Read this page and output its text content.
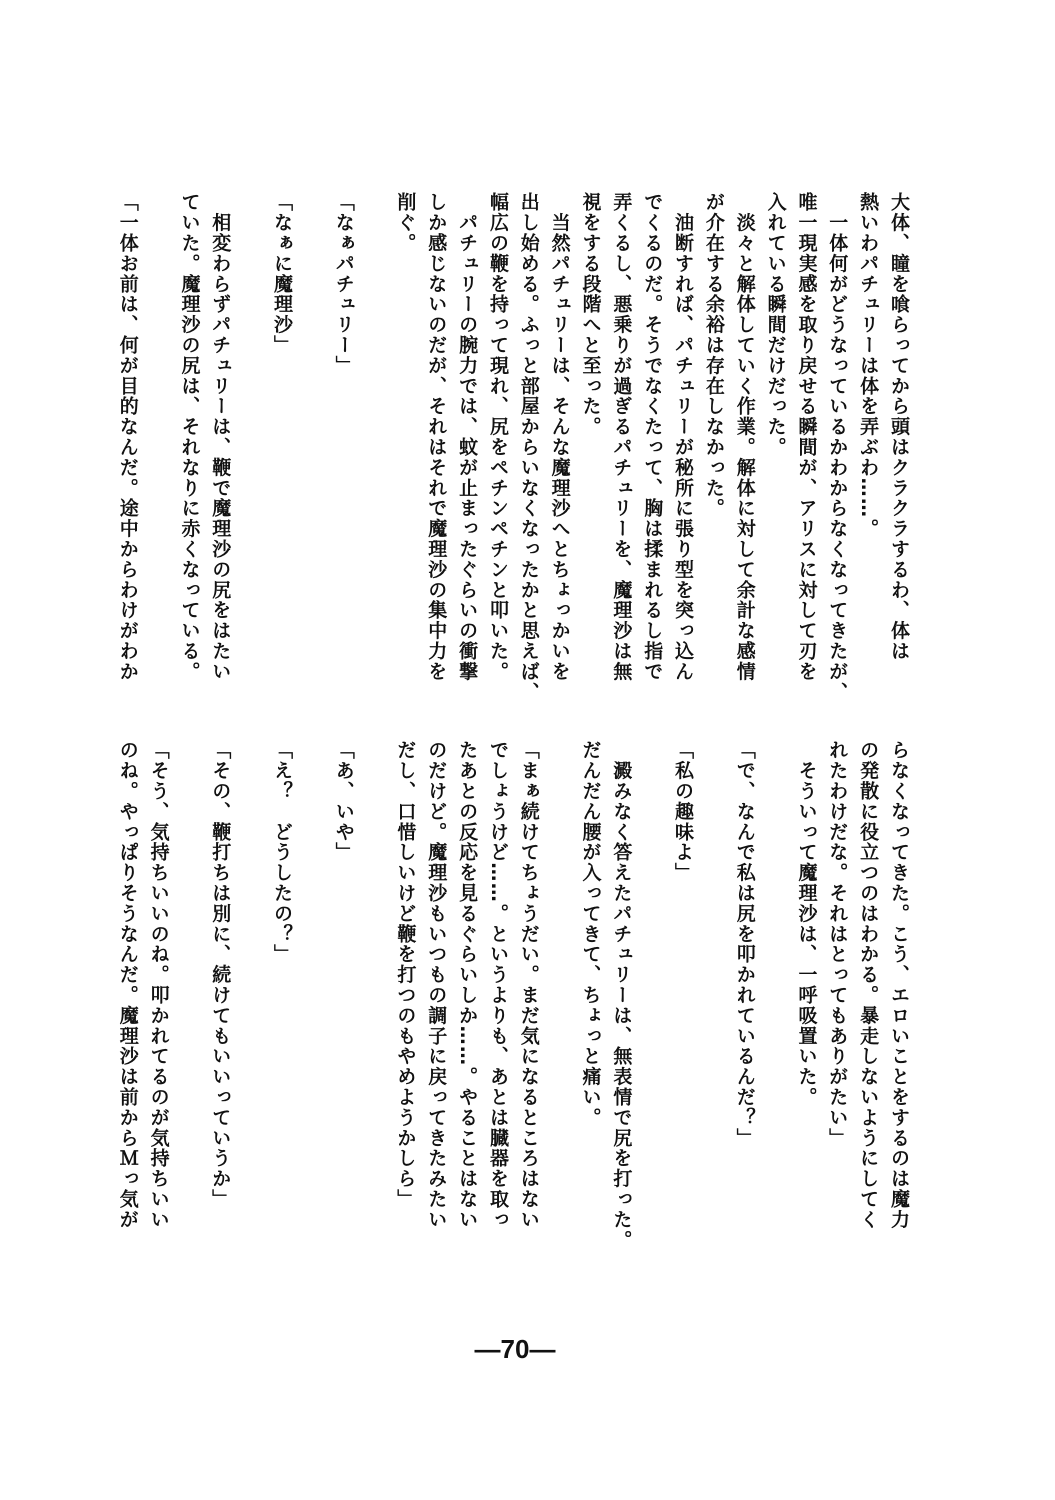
大体、瞳を喰らってから頭はクラクラするわ、体は
熱いわパチュリーは体を弄ぶわ……。
　一体何がどうなっているかわからなくなってきたが、
唯一現実感を取り戻せる瞬間が、アリスに対して刃を
入れている瞬間だけだった。
　淡々と解体していく作業。解体に対して余計な感情
が介在する余裕は存在しなかった。
　油断すれば、パチュリーが秘所に張り型を突っ込ん
でくるのだ。そうでなくたって、胸は揉まれるし指で
弄くるし、悪乗りが過ぎるパチュリーを、魔理沙は無
視をする段階へと至った。
　当然パチュリーは、そんな魔理沙へとちょっかいを
出し始める。ふっと部屋からいなくなったかと思えば、
幅広の鞭を持って現れ、尻をペチンペチンと叩いた。
　パチュリーの腕力では、蚊が止まったぐらいの衝撃
しか感じないのだが、それはそれで魔理沙の集中力を
削ぐ。
「なぁパチュリー」
「なぁに魔理沙」
　相変わらずパチュリーは、鞭で魔理沙の尻をはたい
ていた。魔理沙の尻は、それなりに赤くなっている。
「一体お前は、何が目的なんだ。途中からわけがわか
らなくなってきた。こう、エロいことをするのは魔力
の発散に役立つのはわかる。暴走しないようにしてく
れたわけだな。それはとってもありがたい」
　そういって魔理沙は、一呼吸置いた。
「で、なんで私は尻を叩かれているんだ？」
「私の趣味よ」
　澱みなく答えたパチュリーは、無表情で尻を打った。
だんだん腰が入ってきて、ちょっと痛い。
「まぁ続けてちょうだい。まだ気になるところはない
でしょうけど……。というよりも、あとは臓器を取っ
たあとの反応を見るぐらいしか……。やることはない
のだけど。魔理沙もいつもの調子に戻ってきたみたい
だし、口惜しいけど鞭を打つのもやめようかしら」
「あ、いや」
「え？　どうしたの？」
「その、鞭打ちは別に、続けてもいいっていうか」
「そう、気持ちいいのね。叩かれてるのが気持ちいい
のね。やっぱりそうなんだ。魔理沙は前からＭっ気が
—70—
